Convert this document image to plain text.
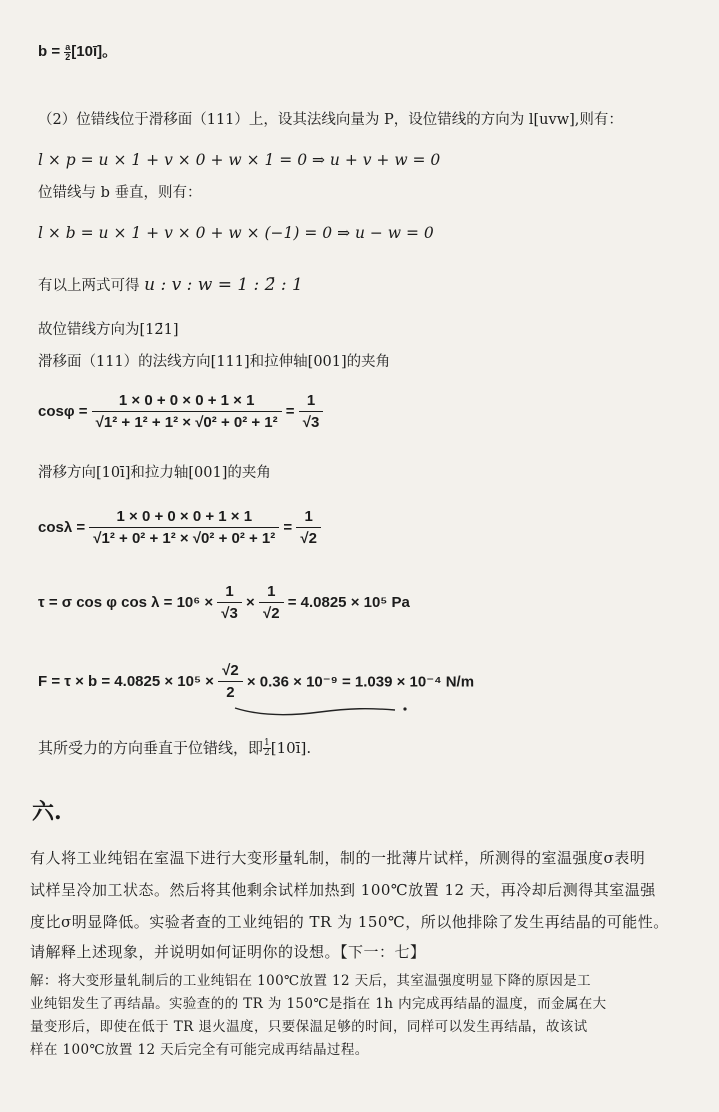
$b = \frac{a}{2}$ [10ī]。
（2）位错线位于滑移面（111）上，设其法线向量为 P，设位错线的方向为 l[uvw],则有：
l × p = u × 1 + v × 0 + w × 1 = 0 ⇒ u + v + w = 0
位错线与 b 垂直，则有：
l × b = u × 1 + v × 0 + w × (−1) = 0 ⇒ u − w = 0
有以上两式可得 u : v : w = 1 : 2̄ : 1
故位错线方向为[12̄1]
滑移面（111）的法线方向[111]和拉伸轴[001]的夹角
$\cos\varphi = \frac{1 \times 0 + 0 \times 0 + 1 \times 1}{\text{√1² + 1² + 1² × √0² + 0² + 1²}} = \frac{1}{√3}$
滑移方向[10ī]和拉力轴[001]的夹角
$\cos\lambda = \frac{1 \times 0 + 0 \times 0 + 1 \times 1}{\text{√1² + 0² + 1² × √0² + 0² + 1²}} = \frac{1}{√2}$
τ = σ cos φ $\cos \lambda = 10^6 \times \frac{1}{√3} \times \frac{1}{√2} = 4.0825 \times 10^5$ Pa
$F = \tau \times b = 4.0825 \times 10^5 \times \frac{√2}{2} \times 0.36 \times 10^{-9} = 1.039 \times 10^{-4}$ N/m
其所受力的方向垂直于位错线，即 $\frac{1}{2}$ [10ī].
六.
有人将工业纯铝在室温下进行大变形量轧制，制的一批薄片试样，所测得的室温强度σ表明
试样呈冷加工状态。然后将其他剩余试样加热到 100℃放置 12 天，再冷却后测得其室温强
度比σ明显降低。实验者查的工业纯铝的 TR 为 150℃，所以他排除了发生再结晶的可能性。
请解释上述现象，并说明如何证明你的设想。【下一：七】
解：将大变形量轧制后的工业纯铝在 100℃放置 12 天后，其室温强度明显下降的原因是工
业纯铝发生了再结晶。实验查的的 TR 为 150℃是指在 1h 内完成再结晶的温度，而金属在大
量变形后，即使在低于 TR 退火温度，只要保温足够的时间，同样可以发生再结晶，故该试
样在 100℃放置 12 天后完全有可能完成再结晶过程。
